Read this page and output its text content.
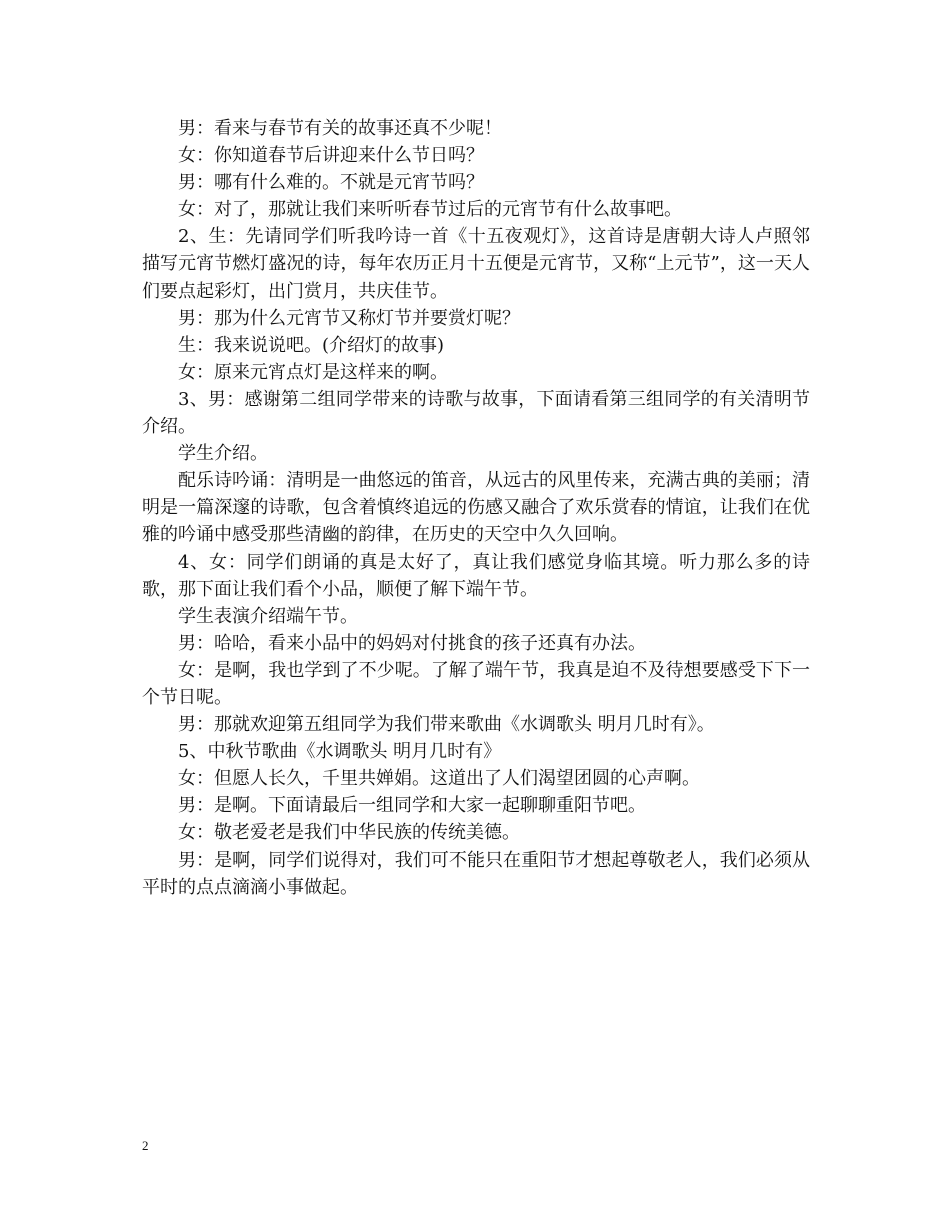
男：看来与春节有关的故事还真不少呢！

女：你知道春节后讲迎来什么节日吗？

男：哪有什么难的。不就是元宵节吗？

女：对了，那就让我们来听听春节过后的元宵节有什么故事吧。

2、生：先请同学们听我吟诗一首《十五夜观灯》，这首诗是唐朝大诗人卢照邻描写元宵节燃灯盛况的诗，每年农历正月十五便是元宵节，又称“上元节”，这一天人们要点起彩灯，出门赏月，共庆佳节。

男：那为什么元宵节又称灯节并要赏灯呢？

生：我来说说吧。(介绍灯的故事)

女：原来元宵点灯是这样来的啊。

3、男：感谢第二组同学带来的诗歌与故事，下面请看第三组同学的有关清明节介绍。

学生介绍。

配乐诗吟诵：清明是一曲悠远的笛音，从远古的风里传来，充满古典的美丽；清明是一篇深邃的诗歌，包含着慎终追远的伤感又融合了欢乐赏春的情谊，让我们在优雅的吟诵中感受那些清幽的韵律，在历史的天空中久久回响。

4、女：同学们朗诵的真是太好了，真让我们感觉身临其境。听力那么多的诗歌，那下面让我们看个小品，顺便了解下端午节。

学生表演介绍端午节。

男：哈哈，看来小品中的妈妈对付挑食的孩子还真有办法。

女：是啊，我也学到了不少呢。了解了端午节，我真是迫不及待想要感受下下一个节日呢。

男：那就欢迎第五组同学为我们带来歌曲《水调歌头 明月几时有》。

5、中秋节歌曲《水调歌头 明月几时有》

女：但愿人长久，千里共婵娟。这道出了人们渴望团圆的心声啊。

男：是啊。下面请最后一组同学和大家一起聊聊重阳节吧。

女：敬老爱老是我们中华民族的传统美德。

男：是啊，同学们说得对，我们可不能只在重阳节才想起尊敬老人，我们必须从平时的点点滴滴小事做起。

2
